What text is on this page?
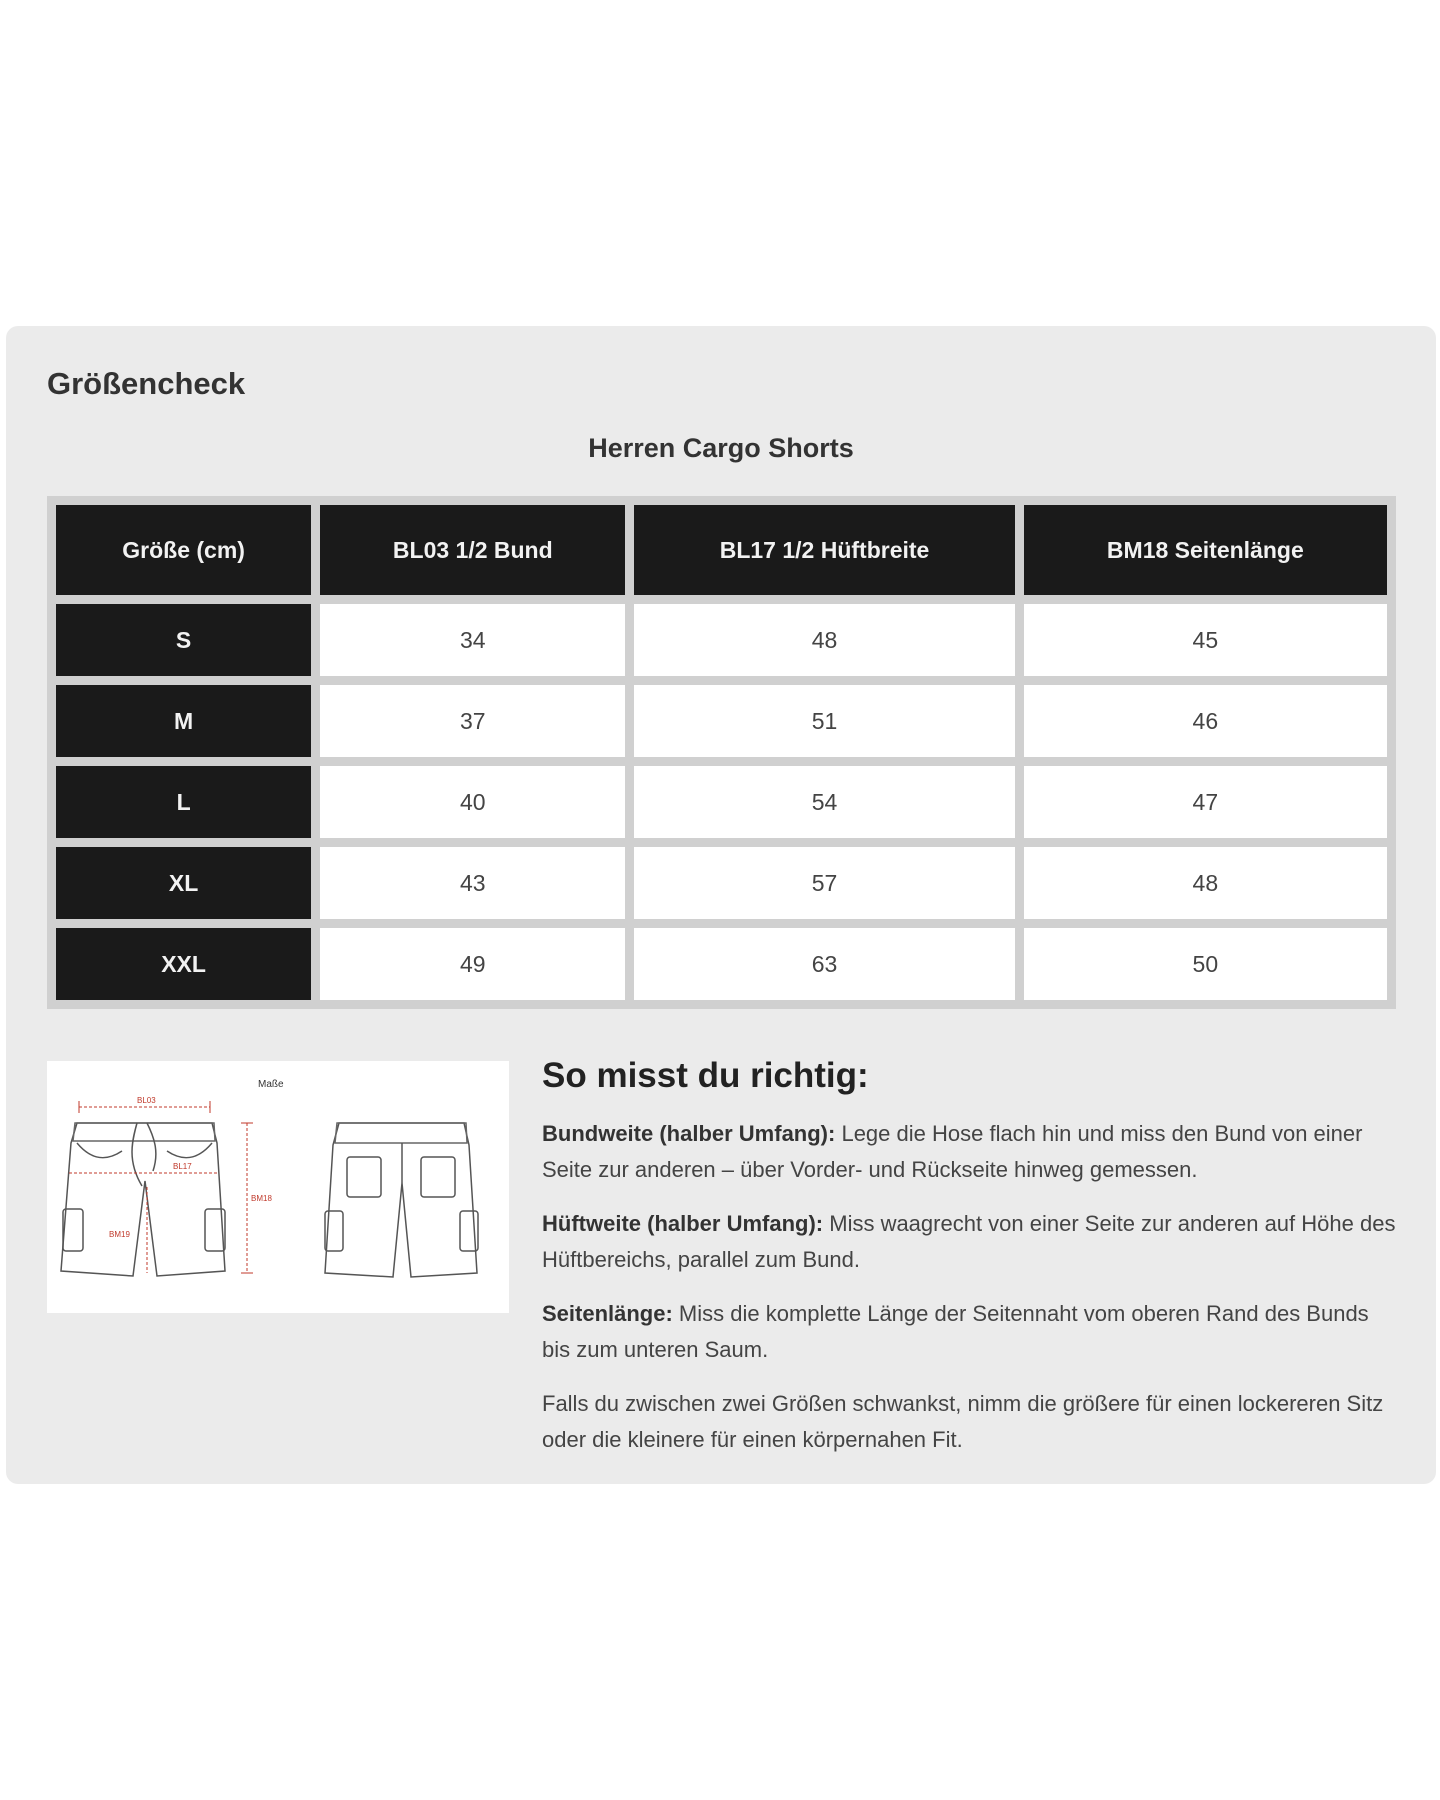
Größencheck
Herren Cargo Shorts
Größe (cm)	BL03 1/2 Bund	BL17 1/2 Hüftbreite	BM18 Seitenlänge
S	34	48	45
M	37	51	46
L	40	54	47
XL	43	57	48
XXL	49	63	50
Maße
BL03
BL17
BM18
BM19
So misst du richtig:

Bundweite (halber Umfang): Lege die Hose flach hin und miss den Bund von einer Seite zur anderen – über Vorder- und Rückseite hinweg gemessen.

Hüftweite (halber Umfang): Miss waagrecht von einer Seite zur anderen auf Höhe des Hüftbereichs, parallel zum Bund.

Seitenlänge: Miss die komplette Länge der Seitennaht vom oberen Rand des Bunds bis zum unteren Saum.

Falls du zwischen zwei Größen schwankst, nimm die größere für einen lockereren Sitz oder die kleinere für einen körpernahen Fit.
